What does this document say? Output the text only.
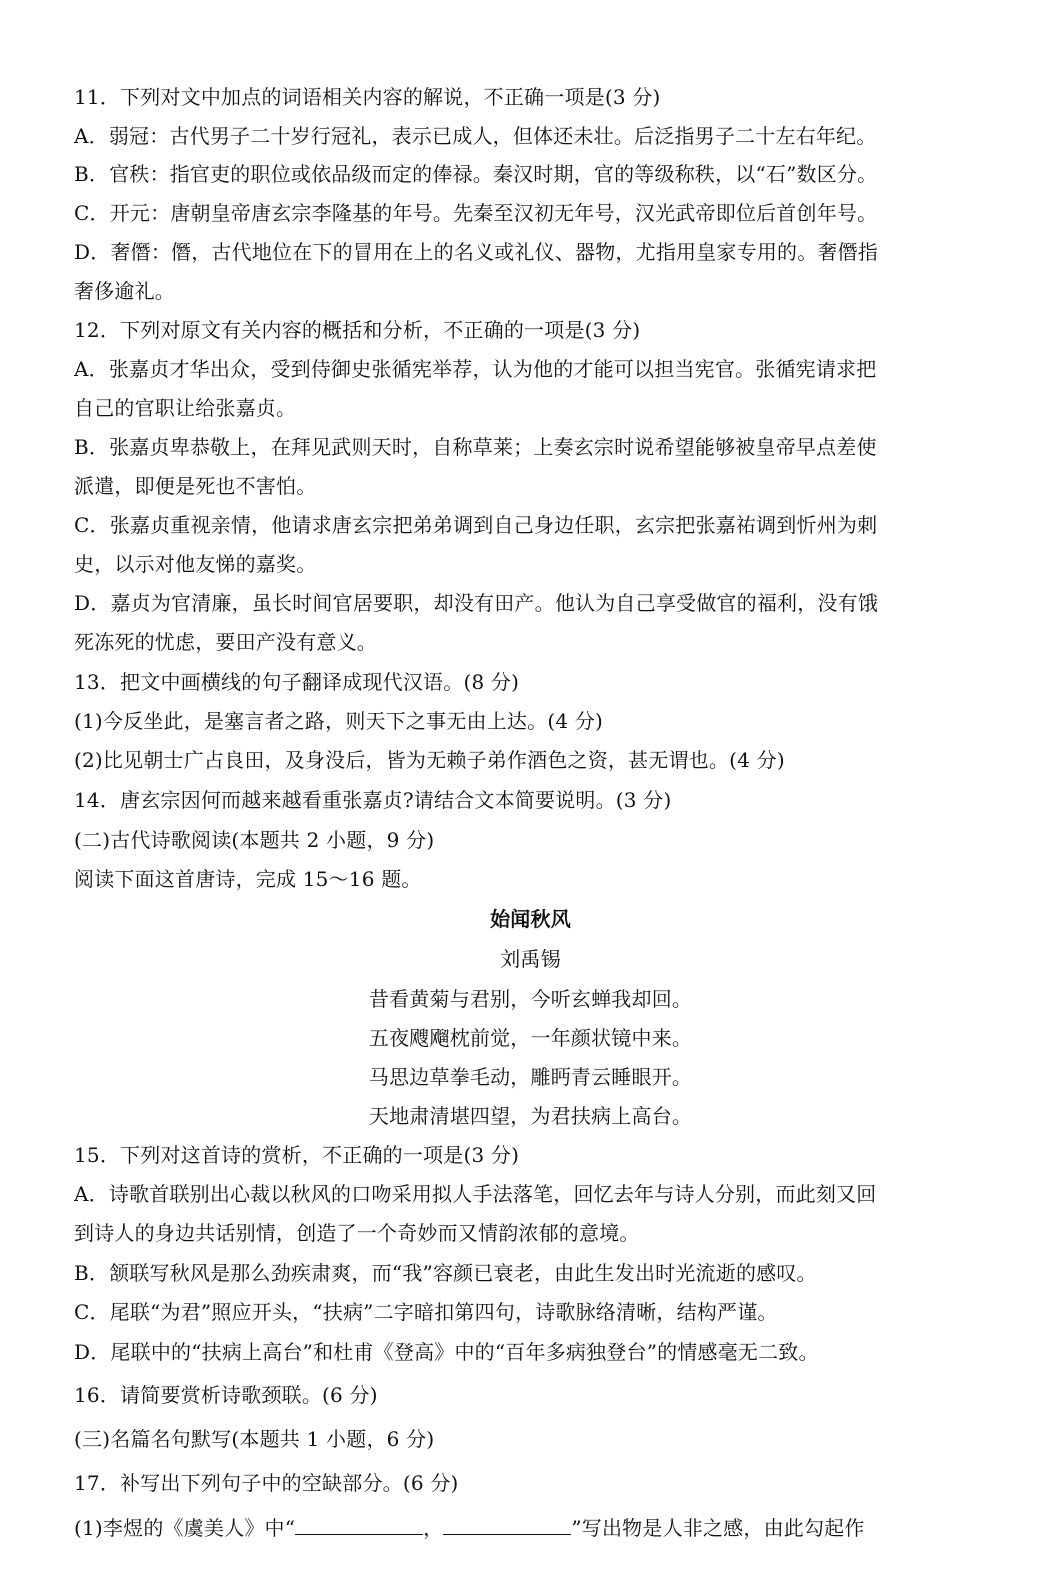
11．下列对文中加点的词语相关内容的解说，不正确一项是(3 分)
A．弱冠：古代男子二十岁行冠礼，表示已成人，但体还未壮。后泛指男子二十左右年纪。
B．官秩：指官吏的职位或依品级而定的俸禄。秦汉时期，官的等级称秩，以“石”数区分。
C．开元：唐朝皇帝唐玄宗李隆基的年号。先秦至汉初无年号，汉光武帝即位后首创年号。
D．奢僭：僭，古代地位在下的冒用在上的名义或礼仪、器物，尤指用皇家专用的。奢僭指
奢侈逾礼。
12．下列对原文有关内容的概括和分析，不正确的一项是(3 分)
A．张嘉贞才华出众，受到侍御史张循宪举荐，认为他的才能可以担当宪官。张循宪请求把
自己的官职让给张嘉贞。
B．张嘉贞卑恭敬上，在拜见武则天时，自称草莱；上奏玄宗时说希望能够被皇帝早点差使
派遣，即便是死也不害怕。
C．张嘉贞重视亲情，他请求唐玄宗把弟弟调到自己身边任职，玄宗把张嘉祐调到忻州为刺
史，以示对他友悌的嘉奖。
D．嘉贞为官清廉，虽长时间官居要职，却没有田产。他认为自己享受做官的福利，没有饿
死冻死的忧虑，要田产没有意义。
13．把文中画横线的句子翻译成现代汉语。(8 分)
(1)今反坐此，是塞言者之路，则天下之事无由上达。(4 分)
(2)比见朝士广占良田，及身没后，皆为无赖子弟作酒色之资，甚无谓也。(4 分)
14．唐玄宗因何而越来越看重张嘉贞?请结合文本简要说明。(3 分)
(二)古代诗歌阅读(本题共 2 小题，9 分)
阅读下面这首唐诗，完成 15～16 题。
始闻秋风
刘禹锡
昔看黄菊与君别，今听玄蝉我却回。
五夜飕飗枕前觉，一年颜状镜中来。
马思边草拳毛动，雕眄青云睡眼开。
天地肃清堪四望，为君扶病上高台。
15．下列对这首诗的赏析，不正确的一项是(3 分)
A．诗歌首联别出心裁以秋风的口吻采用拟人手法落笔，回忆去年与诗人分别，而此刻又回
到诗人的身边共话别情，创造了一个奇妙而又情韵浓郁的意境。
B．颔联写秋风是那么劲疾肃爽，而“我”容颜已衰老，由此生发出时光流逝的感叹。
C．尾联“为君”照应开头，“扶病”二字暗扣第四句，诗歌脉络清晰，结构严谨。
D．尾联中的“扶病上高台”和杜甫《登高》中的“百年多病独登台”的情感毫无二致。
16．请简要赏析诗歌颈联。(6 分)
(三)名篇名句默写(本题共 1 小题，6 分)
17．补写出下列句子中的空缺部分。(6 分)
(1)李煜的《虞美人》中“	，	”写出物是人非之感，由此勾起作
